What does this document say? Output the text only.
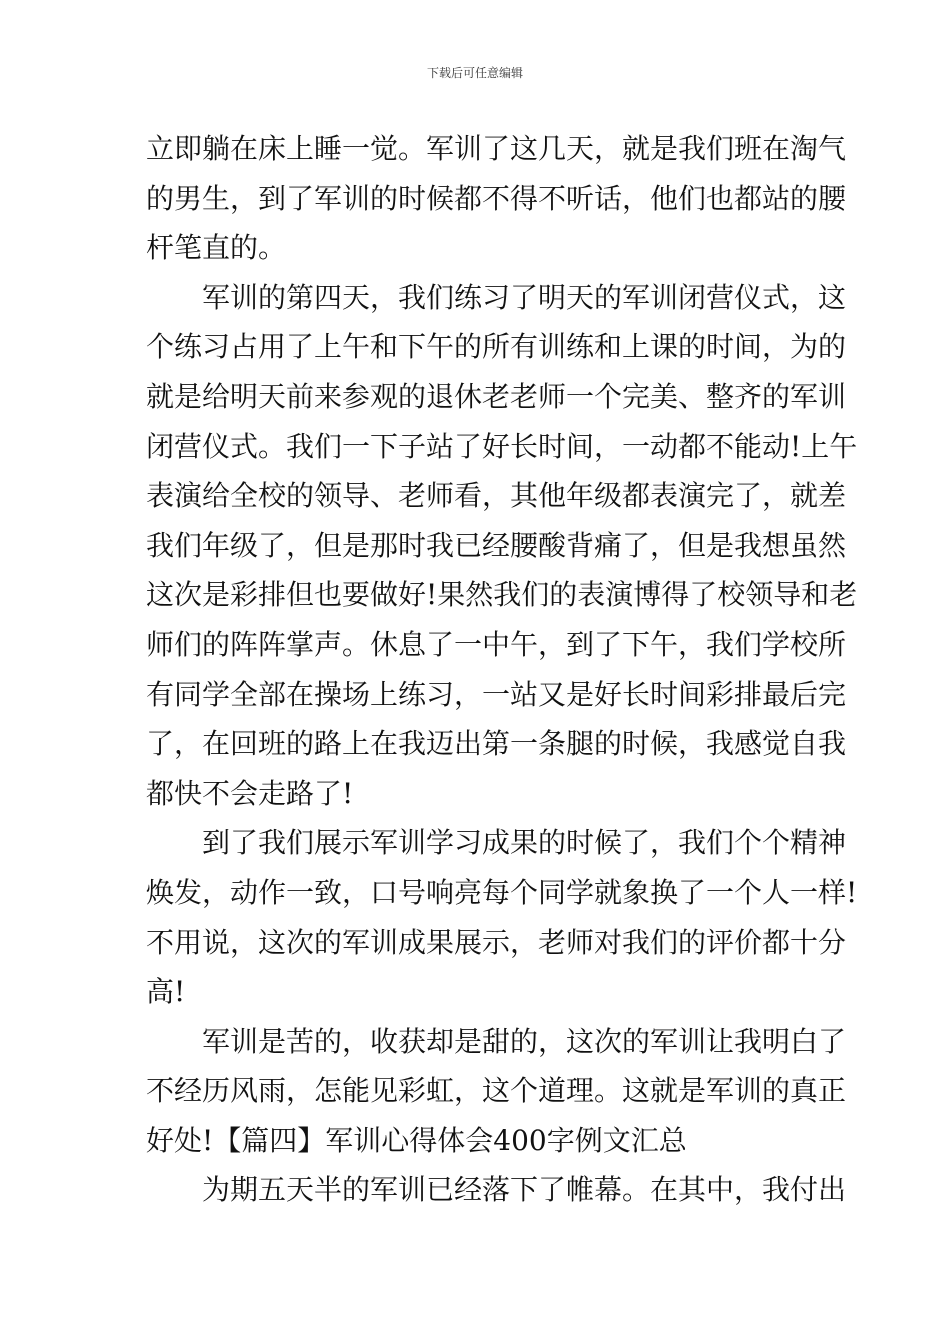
下载后可任意编辑
立即躺在床上睡一觉。军训了这几天，就是我们班在淘气
的男生，到了军训的时候都不得不听话，他们也都站的腰
杆笔直的。
军训的第四天，我们练习了明天的军训闭营仪式，这
个练习占用了上午和下午的所有训练和上课的时间，为的
就是给明天前来参观的退休老老师一个完美、整齐的军训
闭营仪式。我们一下子站了好长时间，一动都不能动!上午
表演给全校的领导、老师看，其他年级都表演完了，就差
我们年级了，但是那时我已经腰酸背痛了，但是我想虽然
这次是彩排但也要做好!果然我们的表演博得了校领导和老
师们的阵阵掌声。休息了一中午，到了下午，我们学校所
有同学全部在操场上练习，一站又是好长时间彩排最后完
了，在回班的路上在我迈出第一条腿的时候，我感觉自我
都快不会走路了!
到了我们展示军训学习成果的时候了，我们个个精神
焕发，动作一致，口号响亮每个同学就象换了一个人一样!
不用说，这次的军训成果展示，老师对我们的评价都十分
高!
军训是苦的，收获却是甜的，这次的军训让我明白了
不经历风雨，怎能见彩虹，这个道理。这就是军训的真正
好处!【篇四】军训心得体会400字例文汇总
为期五天半的军训已经落下了帷幕。在其中，我付出
